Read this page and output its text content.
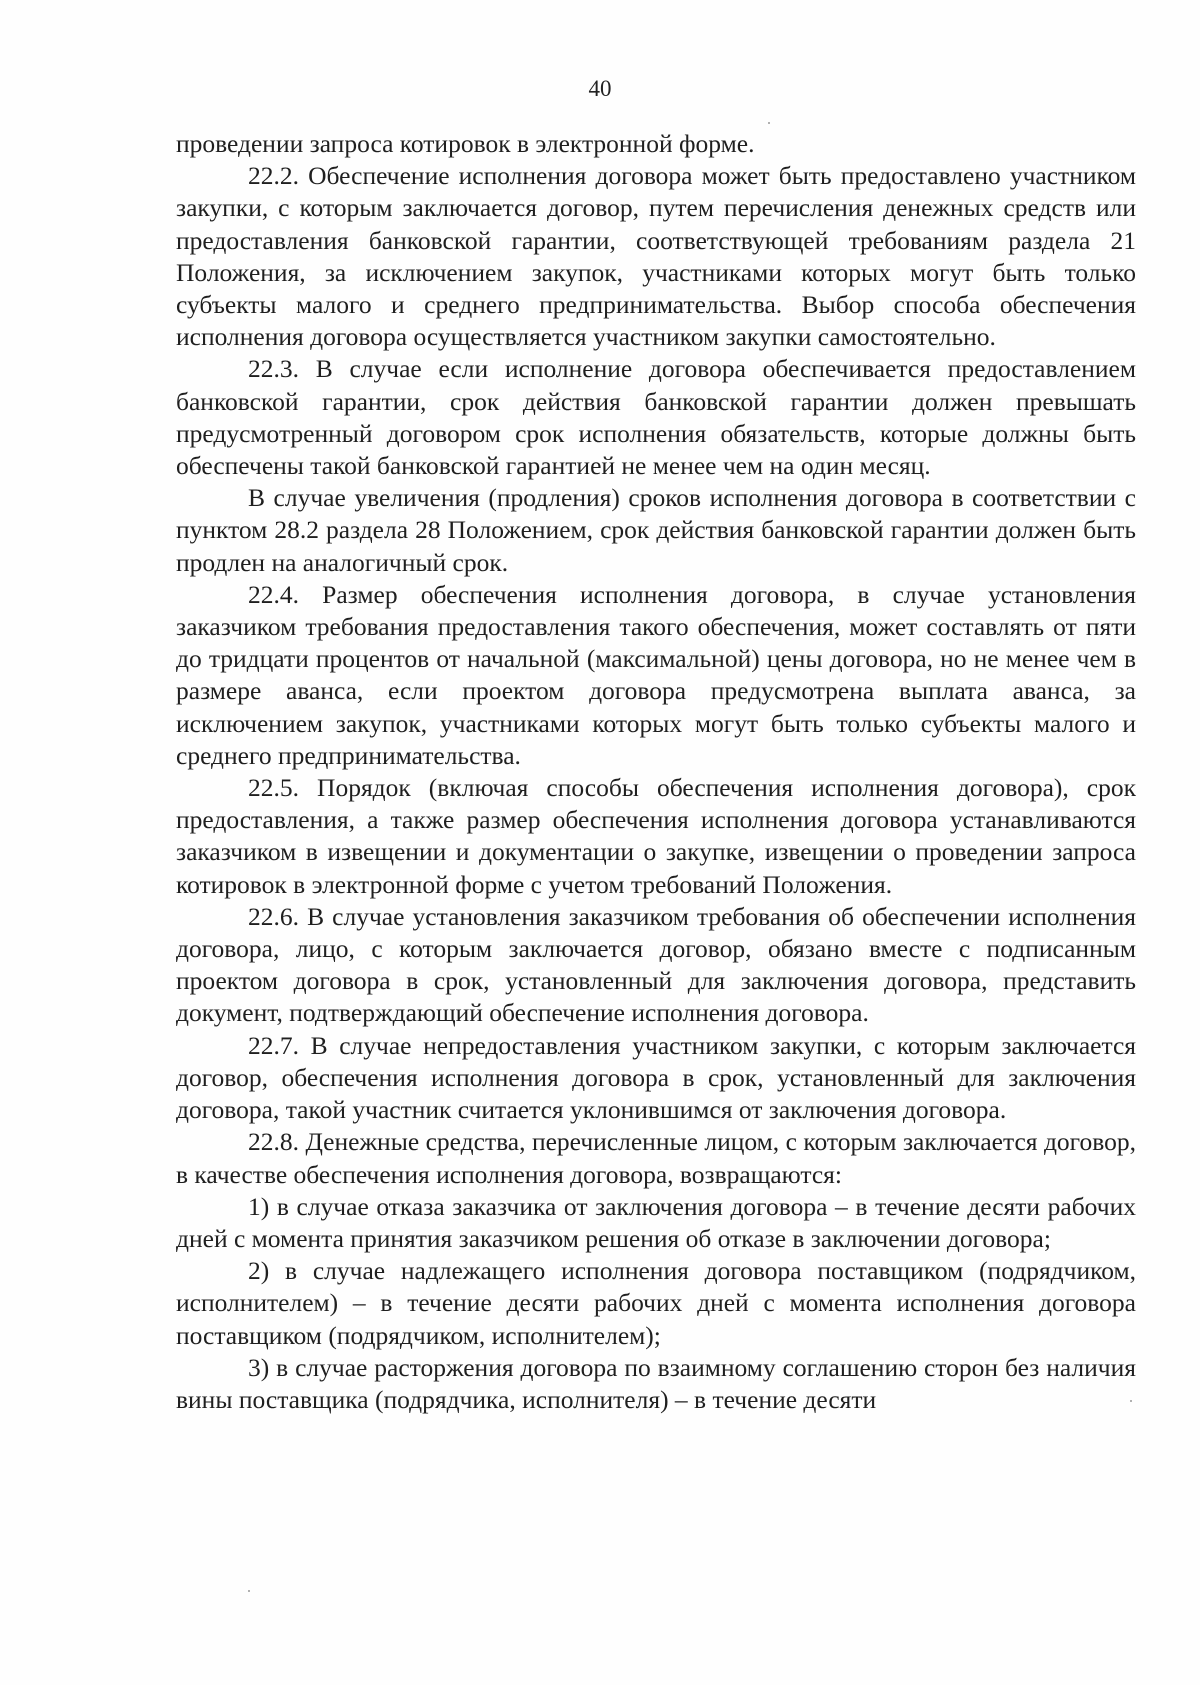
40

проведении запроса котировок в электронной форме.

22.2. Обеспечение исполнения договора может быть предоставлено участником закупки, с которым заключается договор, путем перечисления денежных средств или предоставления банковской гарантии, соответствующей требованиям раздела 21 Положения, за исключением закупок, участниками которых могут быть только субъекты малого и среднего предпринимательства. Выбор способа обеспечения исполнения договора осуществляется участником закупки самостоятельно.

22.3. В случае если исполнение договора обеспечивается предоставлением банковской гарантии, срок действия банковской гарантии должен превышать предусмотренный договором срок исполнения обязательств, которые должны быть обеспечены такой банковской гарантией не менее чем на один месяц.

В случае увеличения (продления) сроков исполнения договора в соответствии с пунктом 28.2 раздела 28 Положением, срок действия банковской гарантии должен быть продлен на аналогичный срок.

22.4. Размер обеспечения исполнения договора, в случае установления заказчиком требования предоставления такого обеспечения, может составлять от пяти до тридцати процентов от начальной (максимальной) цены договора, но не менее чем в размере аванса, если проектом договора предусмотрена выплата аванса, за исключением закупок, участниками которых могут быть только субъекты малого и среднего предпринимательства.

22.5. Порядок (включая способы обеспечения исполнения договора), срок предоставления, а также размер обеспечения исполнения договора устанавливаются заказчиком в извещении и документации о закупке, извещении о проведении запроса котировок в электронной форме с учетом требований Положения.

22.6. В случае установления заказчиком требования об обеспечении исполнения договора, лицо, с которым заключается договор, обязано вместе с подписанным проектом договора в срок, установленный для заключения договора, представить документ, подтверждающий обеспечение исполнения договора.

22.7. В случае непредоставления участником закупки, с которым заключается договор, обеспечения исполнения договора в срок, установленный для заключения договора, такой участник считается уклонившимся от заключения договора.

22.8. Денежные средства, перечисленные лицом, с которым заключается договор, в качестве обеспечения исполнения договора, возвращаются:

1) в случае отказа заказчика от заключения договора – в течение десяти рабочих дней с момента принятия заказчиком решения об отказе в заключении договора;

2) в случае надлежащего исполнения договора поставщиком (подрядчиком, исполнителем) – в течение десяти рабочих дней с момента исполнения договора поставщиком (подрядчиком, исполнителем);

3) в случае расторжения договора по взаимному соглашению сторон без наличия вины поставщика (подрядчика, исполнителя) – в течение десяти
